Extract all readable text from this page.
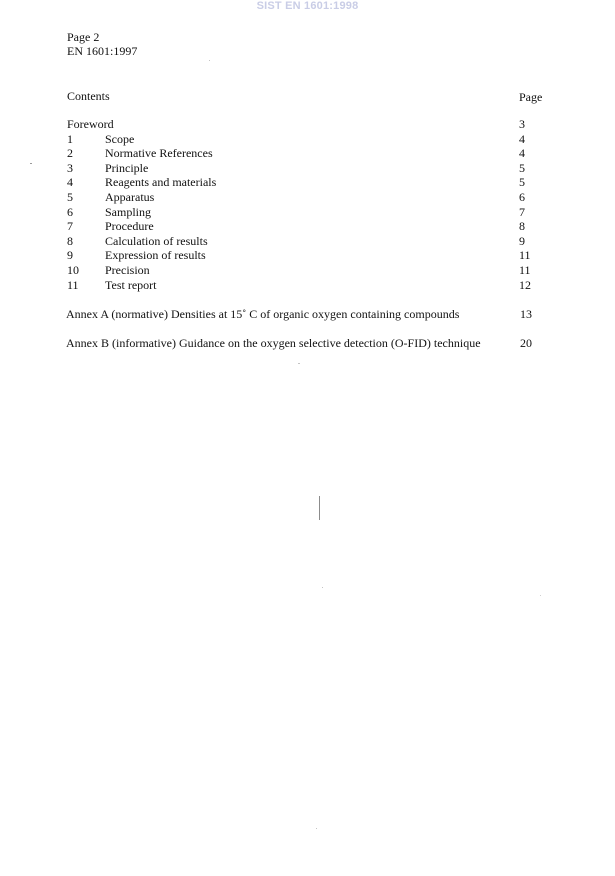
SIST EN 1601:1998
Page 2
EN 1601:1997
Contents	Page
Foreword	3
1	Scope	4
2	Normative References	4
3	Principle	5
4	Reagents and materials	5
5	Apparatus	6
6	Sampling	7
7	Procedure	8
8	Calculation of results	9
9	Expression of results	11
10 Precision	11
11 Test report	12
Annex A (normative) Densities at 15˚ C of organic oxygen containing compounds	13
Annex B (informative) Guidance on the oxygen selective detection (O-FID) technique	20
